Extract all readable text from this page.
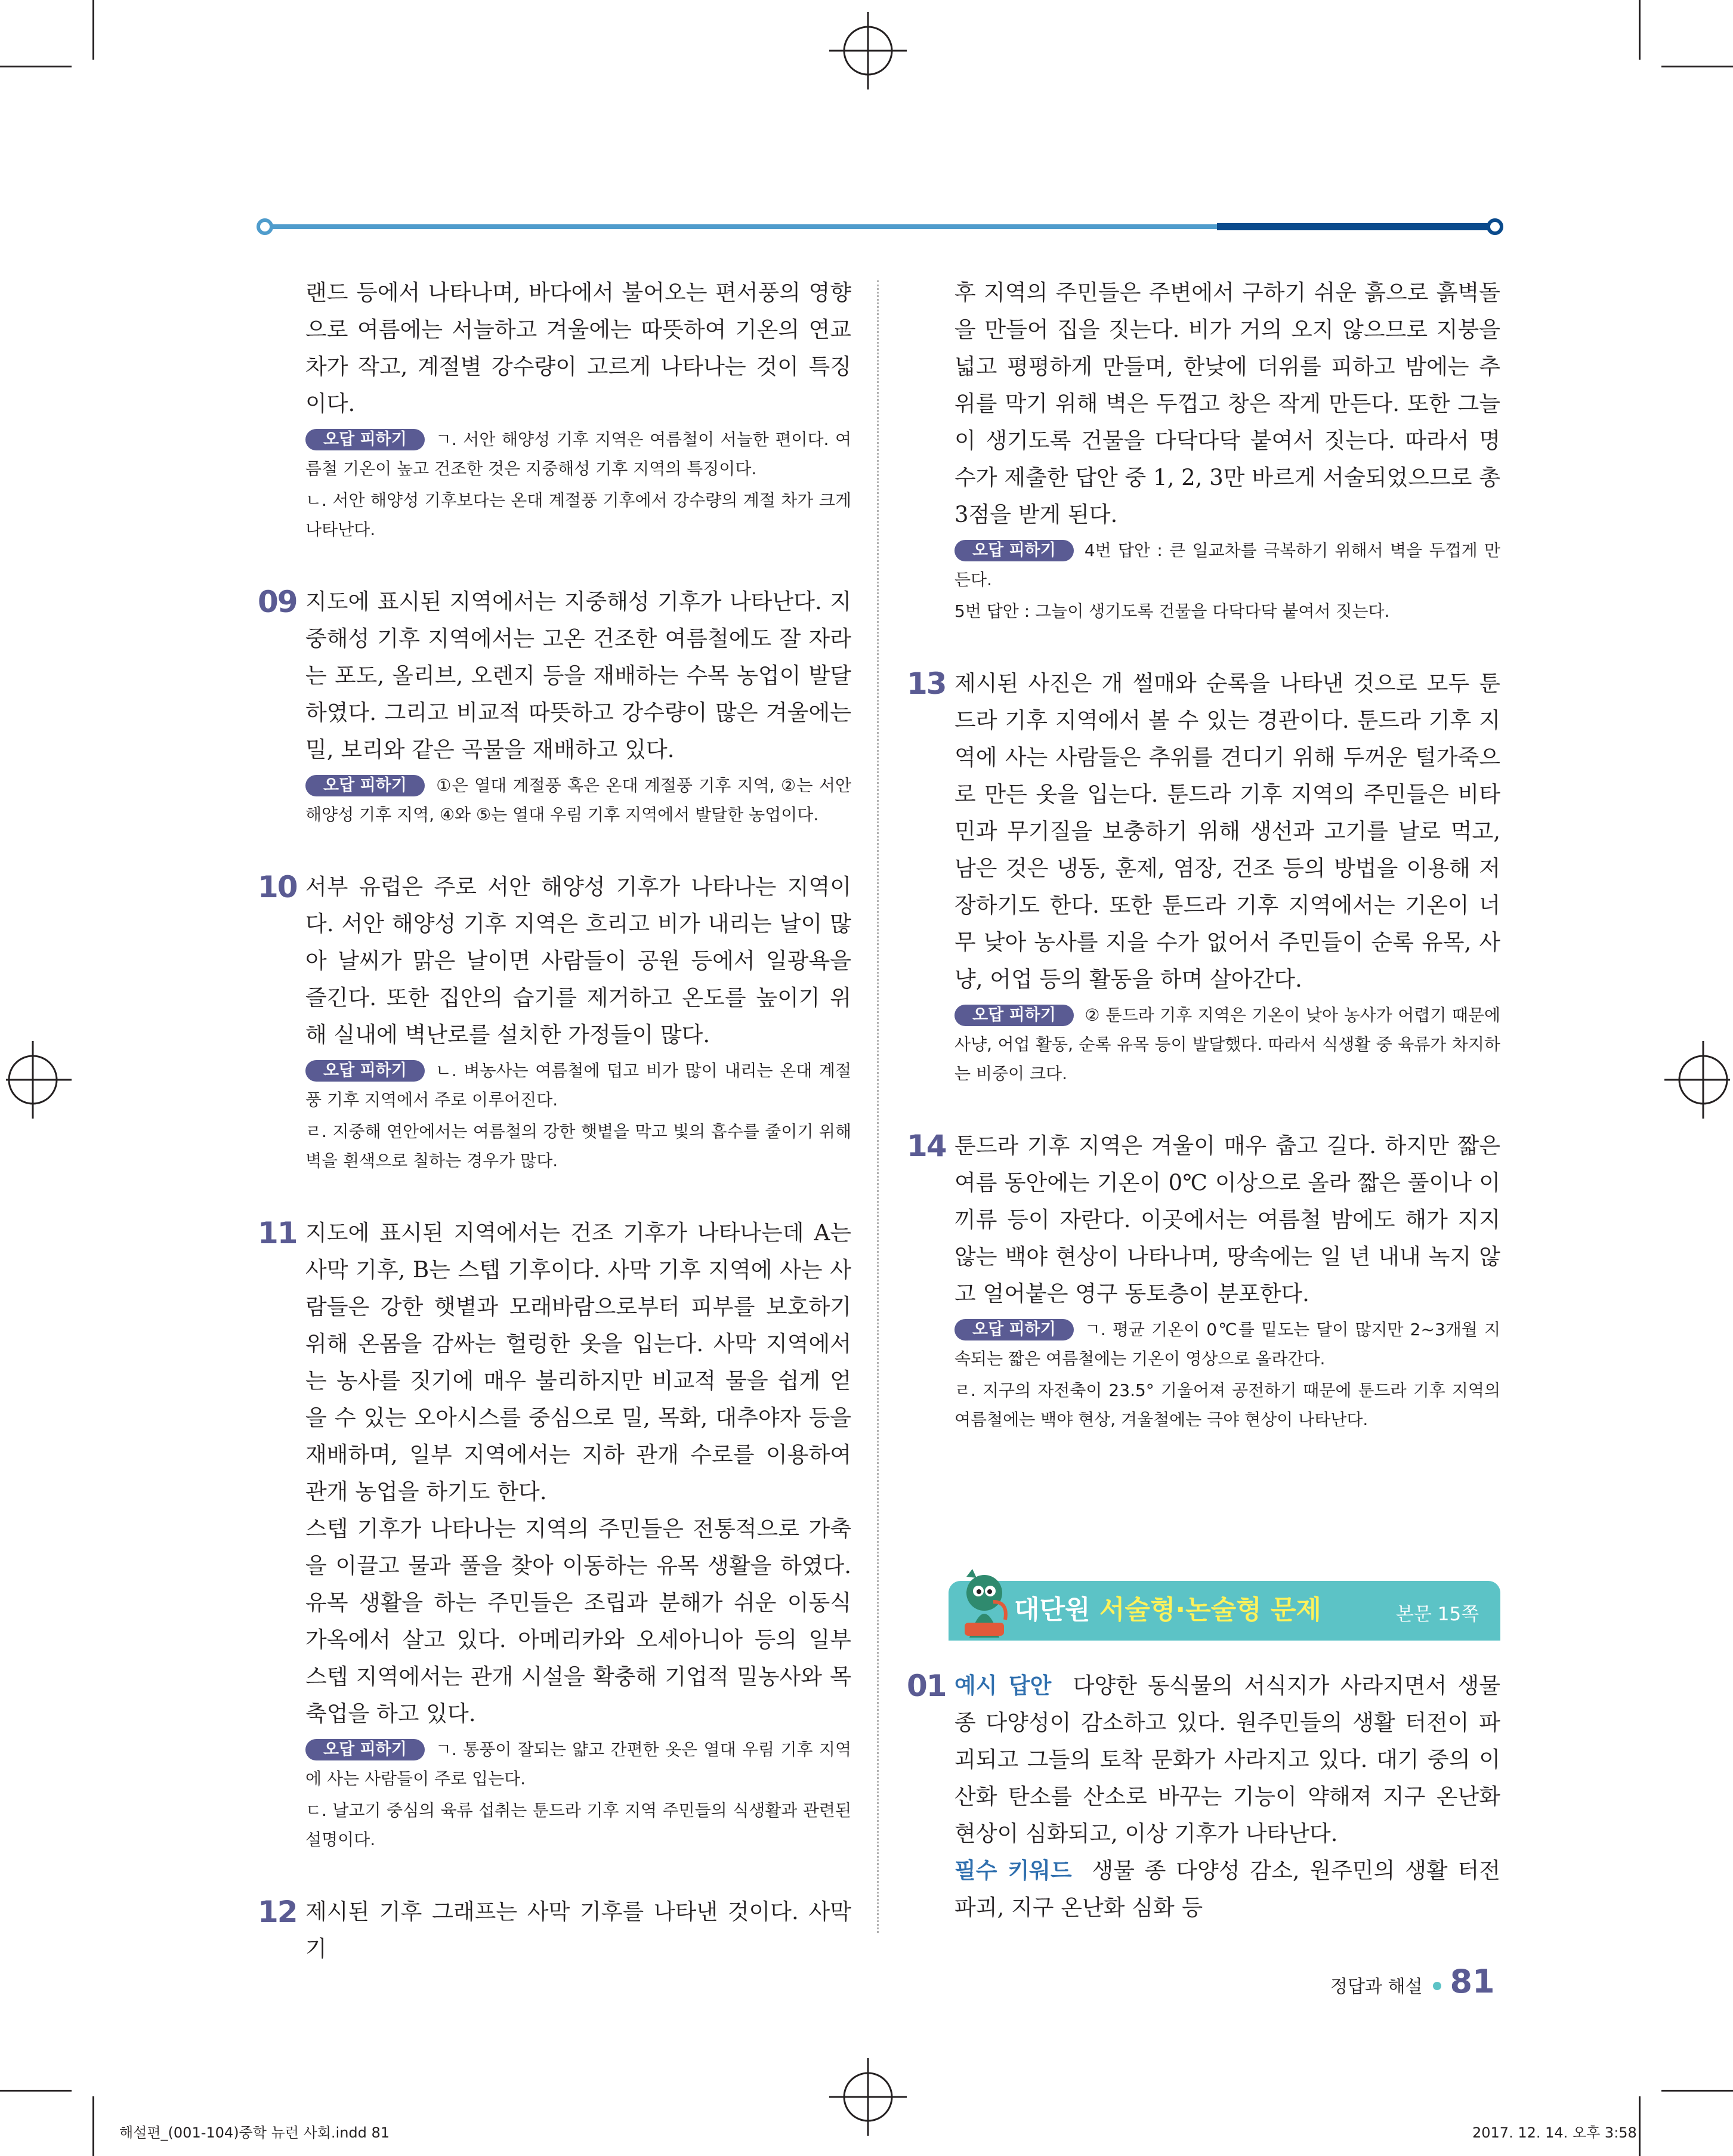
랜드 등에서 나타나며, 바다에서 불어오는 편서풍의 영향으로 여름에는 서늘하고 겨울에는 따뜻하여 기온의 연교차가 작고, 계절별 강수량이 고르게 나타나는 것이 특징이다.

오답 피하기 ㄱ. 서안 해양성 기후 지역은 여름철이 서늘한 편이다. 여름철 기온이 높고 건조한 것은 지중해성 기후 지역의 특징이다.

ㄴ. 서안 해양성 기후보다는 온대 계절풍 기후에서 강수량의 계절 차가 크게 나타난다.

09 지도에 표시된 지역에서는 지중해성 기후가 나타난다. 지중해성 기후 지역에서는 고온 건조한 여름철에도 잘 자라는 포도, 올리브, 오렌지 등을 재배하는 수목 농업이 발달하였다. 그리고 비교적 따뜻하고 강수량이 많은 겨울에는 밀, 보리와 같은 곡물을 재배하고 있다.

오답 피하기 ①은 열대 계절풍 혹은 온대 계절풍 기후 지역, ②는 서안 해양성 기후 지역, ④와 ⑤는 열대 우림 기후 지역에서 발달한 농업이다.

10 서부 유럽은 주로 서안 해양성 기후가 나타나는 지역이다. 서안 해양성 기후 지역은 흐리고 비가 내리는 날이 많아 날씨가 맑은 날이면 사람들이 공원 등에서 일광욕을 즐긴다. 또한 집안의 습기를 제거하고 온도를 높이기 위해 실내에 벽난로를 설치한 가정들이 많다.

오답 피하기 ㄴ. 벼농사는 여름철에 덥고 비가 많이 내리는 온대 계절풍 기후 지역에서 주로 이루어진다.

ㄹ. 지중해 연안에서는 여름철의 강한 햇볕을 막고 빛의 흡수를 줄이기 위해 벽을 흰색으로 칠하는 경우가 많다.

11 지도에 표시된 지역에서는 건조 기후가 나타나는데 A는 사막 기후, B는 스텝 기후이다. 사막 기후 지역에 사는 사람들은 강한 햇볕과 모래바람으로부터 피부를 보호하기 위해 온몸을 감싸는 헐렁한 옷을 입는다. 사막 지역에서는 농사를 짓기에 매우 불리하지만 비교적 물을 쉽게 얻을 수 있는 오아시스를 중심으로 밀, 목화, 대추야자 등을 재배하며, 일부 지역에서는 지하 관개 수로를 이용하여 관개 농업을 하기도 한다.

스텝 기후가 나타나는 지역의 주민들은 전통적으로 가축을 이끌고 물과 풀을 찾아 이동하는 유목 생활을 하였다. 유목 생활을 하는 주민들은 조립과 분해가 쉬운 이동식 가옥에서 살고 있다. 아메리카와 오세아니아 등의 일부 스텝 지역에서는 관개 시설을 확충해 기업적 밀농사와 목축업을 하고 있다.

오답 피하기 ㄱ. 통풍이 잘되는 얇고 간편한 옷은 열대 우림 기후 지역에 사는 사람들이 주로 입는다.

ㄷ. 날고기 중심의 육류 섭취는 툰드라 기후 지역 주민들의 식생활과 관련된 설명이다.

12 제시된 기후 그래프는 사막 기후를 나타낸 것이다. 사막 기

후 지역의 주민들은 주변에서 구하기 쉬운 흙으로 흙벽돌을 만들어 집을 짓는다. 비가 거의 오지 않으므로 지붕을 넓고 평평하게 만들며, 한낮에 더위를 피하고 밤에는 추위를 막기 위해 벽은 두껍고 창은 작게 만든다. 또한 그늘이 생기도록 건물을 다닥다닥 붙여서 짓는다. 따라서 명수가 제출한 답안 중 1, 2, 3만 바르게 서술되었으므로 총 3점을 받게 된다.

오답 피하기 4번 답안 : 큰 일교차를 극복하기 위해서 벽을 두껍게 만든다.

5번 답안 : 그늘이 생기도록 건물을 다닥다닥 붙여서 짓는다.

13 제시된 사진은 개 썰매와 순록을 나타낸 것으로 모두 툰드라 기후 지역에서 볼 수 있는 경관이다. 툰드라 기후 지역에 사는 사람들은 추위를 견디기 위해 두꺼운 털가죽으로 만든 옷을 입는다. 툰드라 기후 지역의 주민들은 비타민과 무기질을 보충하기 위해 생선과 고기를 날로 먹고, 남은 것은 냉동, 훈제, 염장, 건조 등의 방법을 이용해 저장하기도 한다. 또한 툰드라 기후 지역에서는 기온이 너무 낮아 농사를 지을 수가 없어서 주민들이 순록 유목, 사냥, 어업 등의 활동을 하며 살아간다.

오답 피하기 ② 툰드라 기후 지역은 기온이 낮아 농사가 어렵기 때문에 사냥, 어업 활동, 순록 유목 등이 발달했다. 따라서 식생활 중 육류가 차지하는 비중이 크다.

14 툰드라 기후 지역은 겨울이 매우 춥고 길다. 하지만 짧은 여름 동안에는 기온이 0℃ 이상으로 올라 짧은 풀이나 이끼류 등이 자란다. 이곳에서는 여름철 밤에도 해가 지지 않는 백야 현상이 나타나며, 땅속에는 일 년 내내 녹지 않고 얼어붙은 영구 동토층이 분포한다.

오답 피하기 ㄱ. 평균 기온이 0℃를 밑도는 달이 많지만 2~3개월 지속되는 짧은 여름철에는 기온이 영상으로 올라간다.

ㄹ. 지구의 자전축이 23.5° 기울어져 공전하기 때문에 툰드라 기후 지역의 여름철에는 백야 현상, 겨울철에는 극야 현상이 나타난다.

대단원 서술형·논술형 문제	본문 15쪽
01 예시 답안 다양한 동식물의 서식지가 사라지면서 생물 종 다양성이 감소하고 있다. 원주민들의 생활 터전이 파괴되고 그들의 토착 문화가 사라지고 있다. 대기 중의 이산화 탄소를 산소로 바꾸는 기능이 약해져 지구 온난화 현상이 심화되고, 이상 기후가 나타난다.

필수 키워드 생물 종 다양성 감소, 원주민의 생활 터전 파괴, 지구 온난화 심화 등

정답과 해설 81
해설편_(001-104)중학 뉴런 사회.indd 81	2017. 12. 14. 오후 3:58
